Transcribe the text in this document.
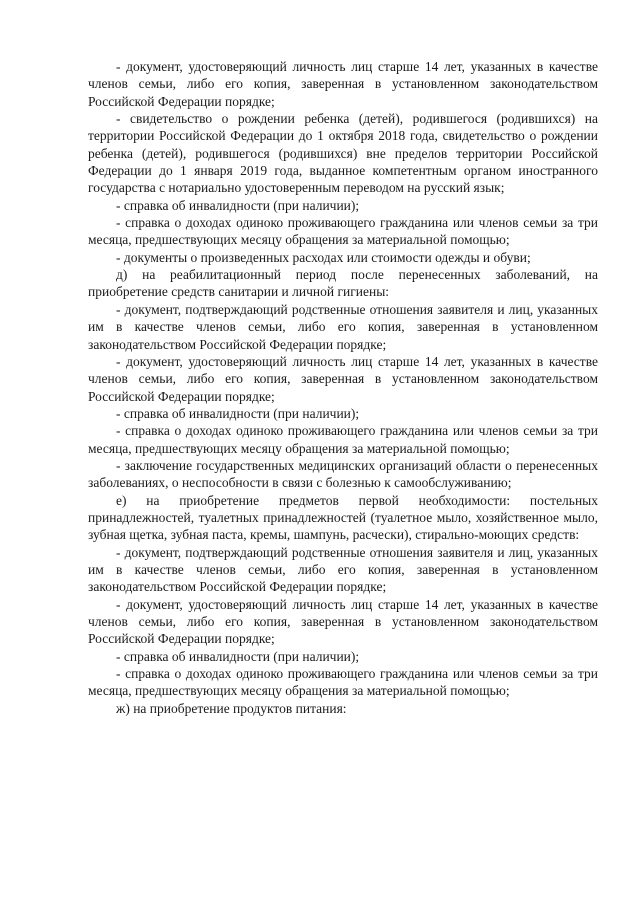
- документ, удостоверяющий личность лиц старше 14 лет, указанных в качестве членов семьи, либо его копия, заверенная в установленном законодательством Российской Федерации порядке;

- свидетельство о рождении ребенка (детей), родившегося (родившихся) на территории Российской Федерации до 1 октября 2018 года, свидетельство о рождении ребенка (детей), родившегося (родившихся) вне пределов территории Российской Федерации до 1 января 2019 года, выданное компетентным органом иностранного государства с нотариально удостоверенным переводом на русский язык;

- справка об инвалидности (при наличии);

- справка о доходах одиноко проживающего гражданина или членов семьи за три месяца, предшествующих месяцу обращения за материальной помощью;

- документы о произведенных расходах или стоимости одежды и обуви;

д) на реабилитационный период после перенесенных заболеваний, на приобретение средств санитарии и личной гигиены:

- документ, подтверждающий родственные отношения заявителя и лиц, указанных им в качестве членов семьи, либо его копия, заверенная в установленном законодательством Российской Федерации порядке;

- документ, удостоверяющий личность лиц старше 14 лет, указанных в качестве членов семьи, либо его копия, заверенная в установленном законодательством Российской Федерации порядке;

- справка об инвалидности (при наличии);

- справка о доходах одиноко проживающего гражданина или членов семьи за три месяца, предшествующих месяцу обращения за материальной помощью;

- заключение государственных медицинских организаций области о перенесенных заболеваниях, о неспособности в связи с болезнью к самообслуживанию;

е) на приобретение предметов первой необходимости: постельных принадлежностей, туалетных принадлежностей (туалетное мыло, хозяйственное мыло, зубная щетка, зубная паста, кремы, шампунь, расчески), стирально-моющих средств:

- документ, подтверждающий родственные отношения заявителя и лиц, указанных им в качестве членов семьи, либо его копия, заверенная в установленном законодательством Российской Федерации порядке;

- документ, удостоверяющий личность лиц старше 14 лет, указанных в качестве членов семьи, либо его копия, заверенная в установленном законодательством Российской Федерации порядке;

- справка об инвалидности (при наличии);

- справка о доходах одиноко проживающего гражданина или членов семьи за три месяца, предшествующих месяцу обращения за материальной помощью;

ж) на приобретение продуктов питания:
